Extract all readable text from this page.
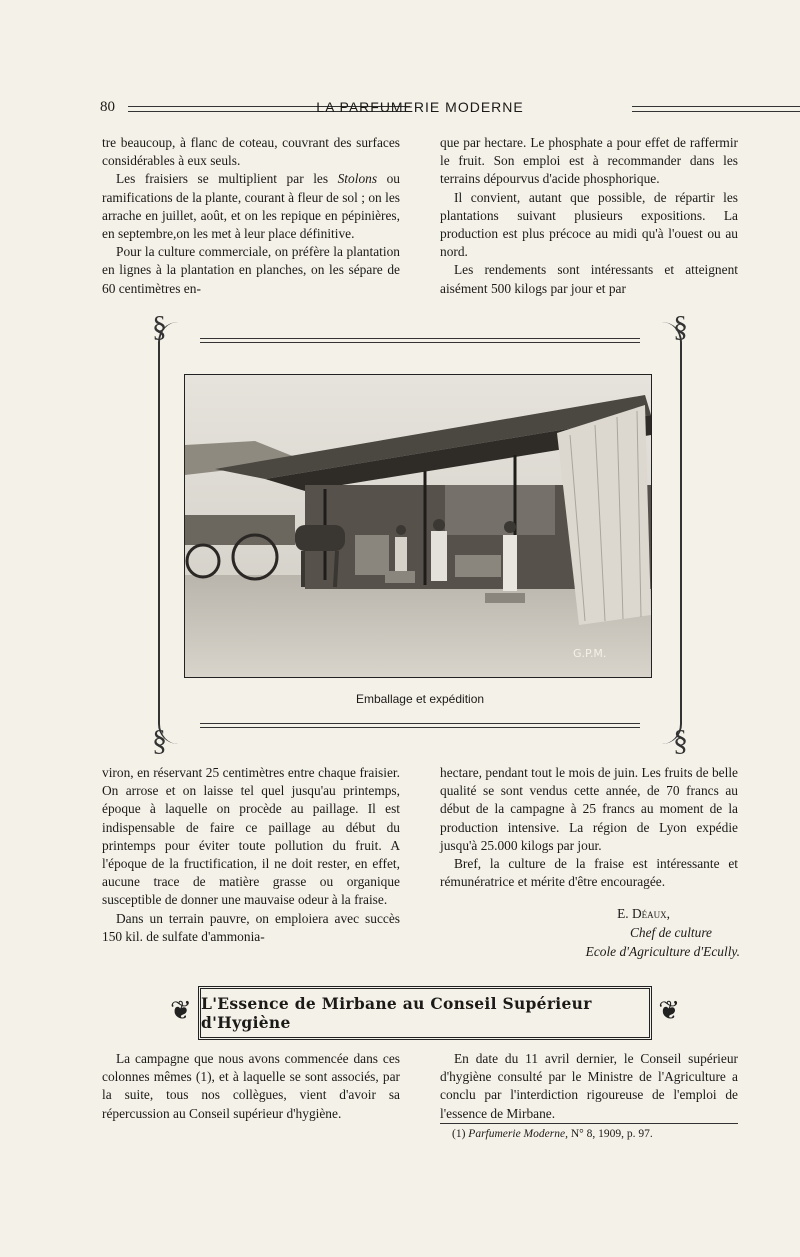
80	LA PARFUMERIE MODERNE

tre beaucoup, à flanc de coteau, couvrant des surfaces considérables à eux seuls.

Les fraisiers se multiplient par les Stolons ou ramifications de la plante, courant à fleur de sol ; on les arrache en juillet, août, et on les repique en pépinières, en septembre,on les met à leur place définitive.

Pour la culture commerciale, on préfère la plantation en lignes à la plantation en planches, on les sépare de 60 centimètres en-

que par hectare. Le phosphate a pour effet de raffermir le fruit. Son emploi est à recommander dans les terrains dépourvus d'acide phosphorique.

Il convient, autant que possible, de répartir les plantations suivant plusieurs expositions. La production est plus précoce au midi qu'à l'ouest ou au nord.

Les rendements sont intéressants et atteignent aisément 500 kilogs par jour et par

§	§
§	§
G.P.M.
Emballage et expédition

viron, en réservant 25 centimètres entre chaque fraisier. On arrose et on laisse tel quel jusqu'au printemps, époque à laquelle on procède au paillage. Il est indispensable de faire ce paillage au début du printemps pour éviter toute pollution du fruit. A l'époque de la fructification, il ne doit rester, en effet, aucune trace de matière grasse ou organique susceptible de donner une mauvaise odeur à la fraise.

Dans un terrain pauvre, on emploiera avec succès 150 kil. de sulfate d'ammonia-

hectare, pendant tout le mois de juin. Les fruits de belle qualité se sont vendus cette année, de 70 francs au début de la campagne à 25 francs au moment de la production intensive. La région de Lyon expédie jusqu'à 25.000 kilogs par jour.

Bref, la culture de la fraise est intéressante et rémunératrice et mérite d'être encouragée.

E. Déaux,
Chef de culture
Ecole d'Agriculture d'Ecully.
❦ L'Essence de Mirbane au Conseil Supérieur d'Hygiène	❦

La campagne que nous avons commencée dans ces colonnes mêmes (1), et à laquelle se sont associés, par la suite, tous nos collègues, vient d'avoir sa répercussion au Conseil supérieur d'hygiène.

En date du 11 avril dernier, le Conseil supérieur d'hygiène consulté par le Ministre de l'Agriculture a conclu par l'interdiction rigoureuse de l'emploi de l'essence de Mirbane.

(1) Parfumerie Moderne, N° 8, 1909, p. 97.
